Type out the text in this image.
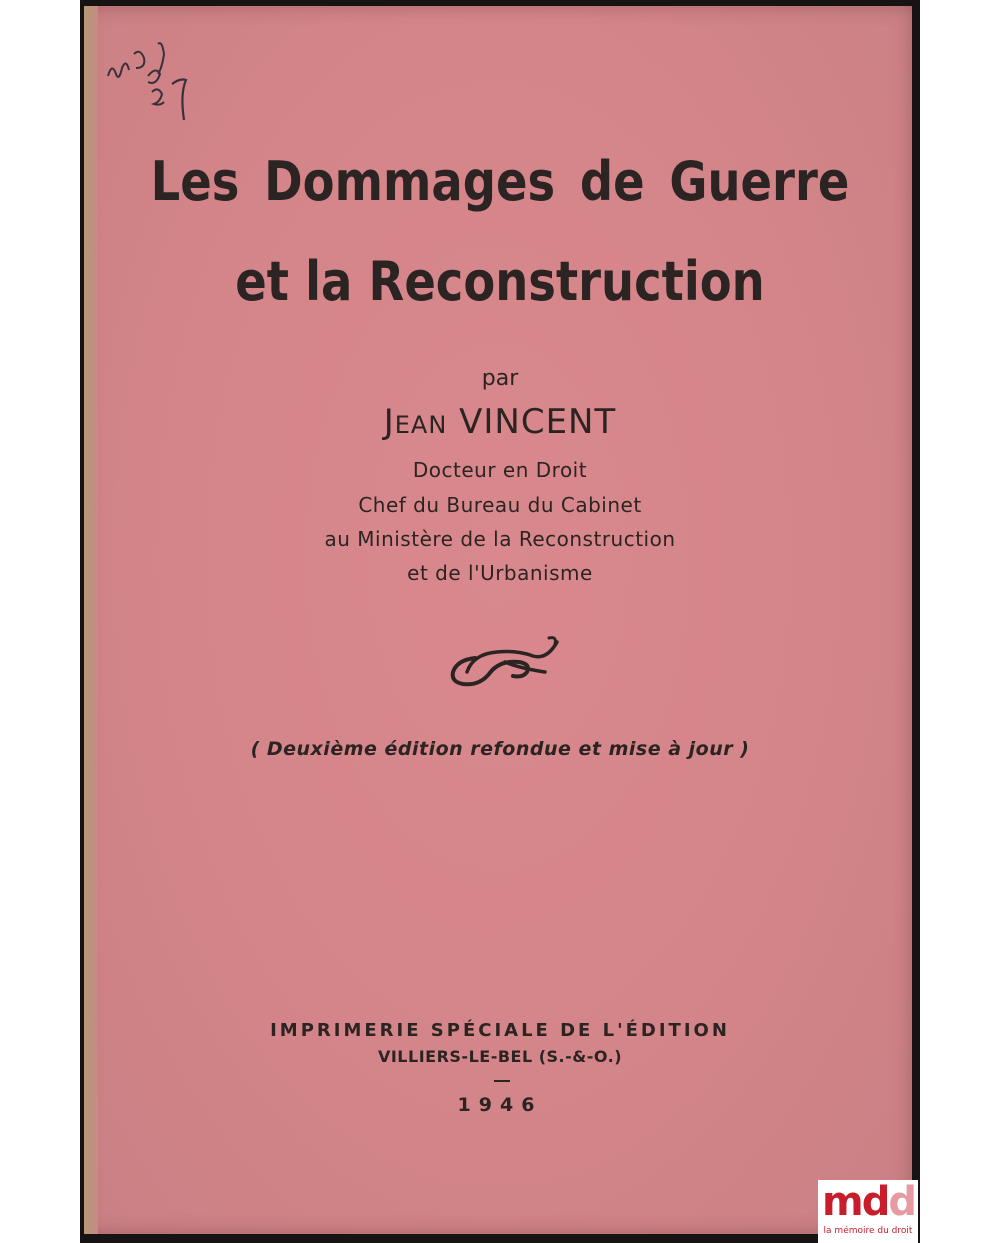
Les Dommages de Guerre
et la Reconstruction
par
Jean VINCENT
Docteur en Droit
Chef du Bureau du Cabinet
au Ministère de la Reconstruction
et de l'Urbanisme
( Deuxième édition refondue et mise à jour )
IMPRIMERIE SPÉCIALE DE L'ÉDITION
VILLIERS-LE-BEL (S.-&-O.)
1946
mdd
la mémoire du droit
